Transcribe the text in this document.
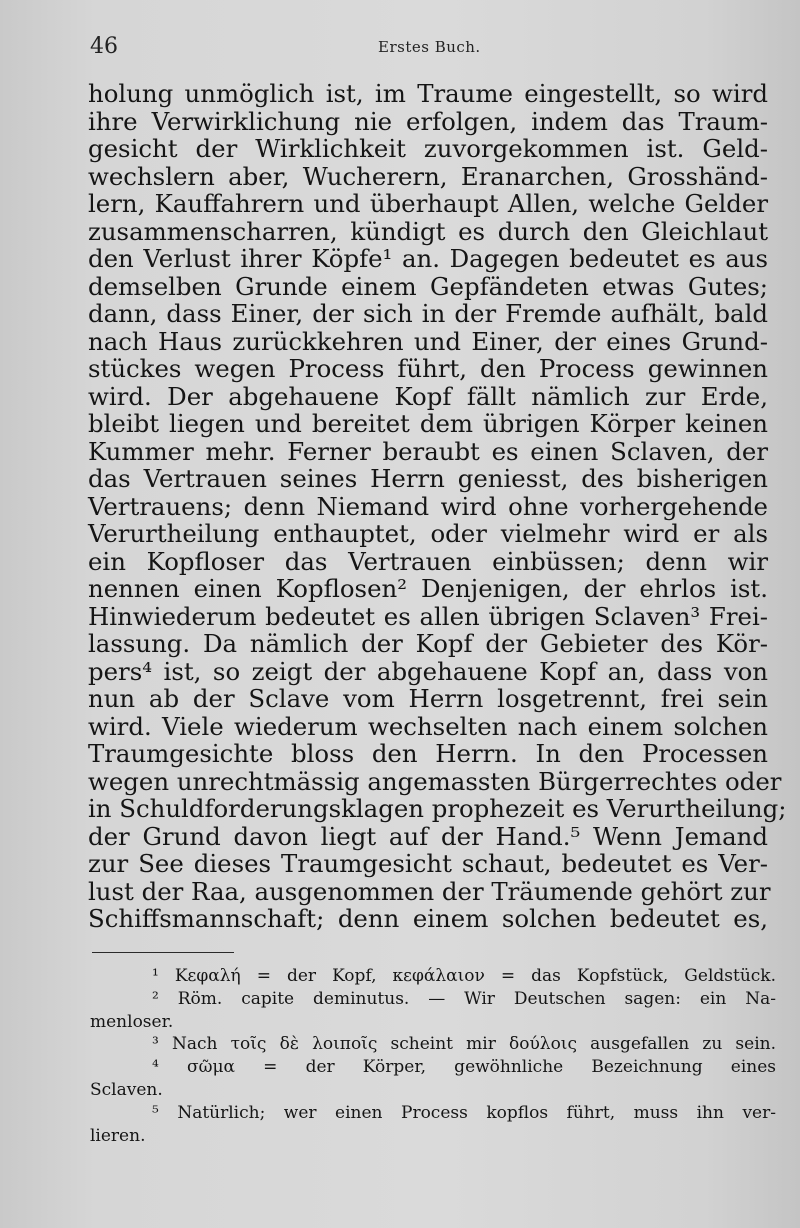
46	Erstes Buch.
holung unmöglich ist, im Traume eingestellt, so wird
ihre Verwirklichung nie erfolgen, indem das Traum-
gesicht der Wirklichkeit zuvorgekommen ist. Geld-
wechslern aber, Wucherern, Eranarchen, Grosshänd-
lern, Kauffahrern und überhaupt Allen, welche Gelder
zusammenscharren, kündigt es durch den Gleichlaut
den Verlust ihrer Köpfe¹ an. Dagegen bedeutet es aus
demselben Grunde einem Gepfändeten etwas Gutes;
dann, dass Einer, der sich in der Fremde aufhält, bald
nach Haus zurückkehren und Einer, der eines Grund-
stückes wegen Process führt, den Process gewinnen
wird. Der abgehauene Kopf fällt nämlich zur Erde,
bleibt liegen und bereitet dem übrigen Körper keinen
Kummer mehr. Ferner beraubt es einen Sclaven, der
das Vertrauen seines Herrn geniesst, des bisherigen
Vertrauens; denn Niemand wird ohne vorhergehende
Verurtheilung enthauptet, oder vielmehr wird er als
ein Kopfloser das Vertrauen einbüssen; denn wir
nennen einen Kopflosen² Denjenigen, der ehrlos ist.
Hinwiederum bedeutet es allen übrigen Sclaven³ Frei-
lassung. Da nämlich der Kopf der Gebieter des Kör-
pers⁴ ist, so zeigt der abgehauene Kopf an, dass von
nun ab der Sclave vom Herrn losgetrennt, frei sein
wird. Viele wiederum wechselten nach einem solchen
Traumgesichte bloss den Herrn. In den Processen
wegen unrechtmässig angemassten Bürgerrechtes oder
in Schuldforderungsklagen prophezeit es Verurtheilung;
der Grund davon liegt auf der Hand.⁵ Wenn Jemand
zur See dieses Traumgesicht schaut, bedeutet es Ver-
lust der Raa, ausgenommen der Träumende gehört zur
Schiffsmannschaft; denn einem solchen bedeutet es,
¹ Κεφαλή = der Kopf, κεφάλαιον = das Kopfstück, Geldstück.
² Röm. capite deminutus. — Wir Deutschen sagen: ein Na-
menloser.
³ Nach τοῖς δὲ λοιποῖς scheint mir δούλοις ausgefallen zu sein.
⁴ σῶμα = der Körper, gewöhnliche Bezeichnung eines
Sclaven.
⁵ Natürlich; wer einen Process kopflos führt, muss ihn ver-
lieren.
